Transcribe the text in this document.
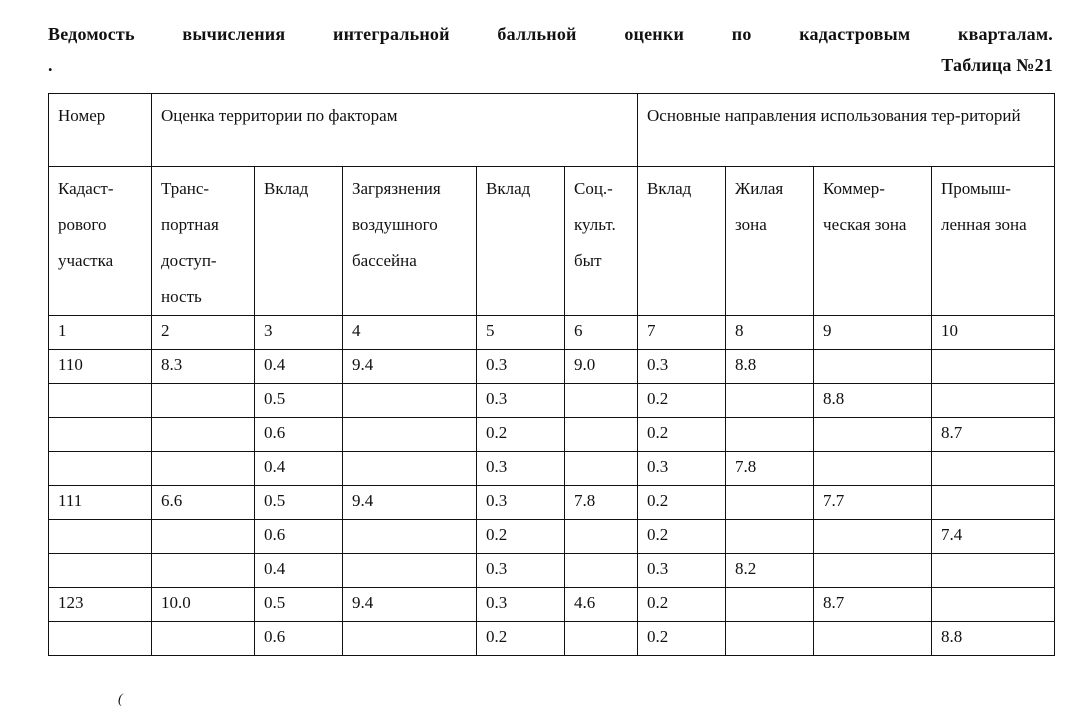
Ведомость	вычисления	интегральной	балльной	оценки	по	кадастровым	кварталам.
.	Таблица №21
Номер	Оценка территории по факторам					Основные направления использования тер-риторий			
Кадаст-рового участка	Транс-портная доступ-ность	Вклад	Загрязнения воздушного бассейна	Вклад	Соц.-культ. быт	Вклад	Жилая зона	Коммер-ческая зона	Промыш-ленная зона
1	2	3	4	5	6	7	8	9	10
110	8.3	0.4	9.4	0.3	9.0	0.3	8.8		
		0.5		0.3		0.2		8.8	
		0.6		0.2		0.2			8.7
		0.4		0.3		0.3	7.8		
111	6.6	0.5	9.4	0.3	7.8	0.2		7.7	
		0.6		0.2		0.2			7.4
		0.4		0.3		0.3	8.2		
123	10.0	0.5	9.4	0.3	4.6	0.2		8.7	
		0.6		0.2		0.2			8.8
(
